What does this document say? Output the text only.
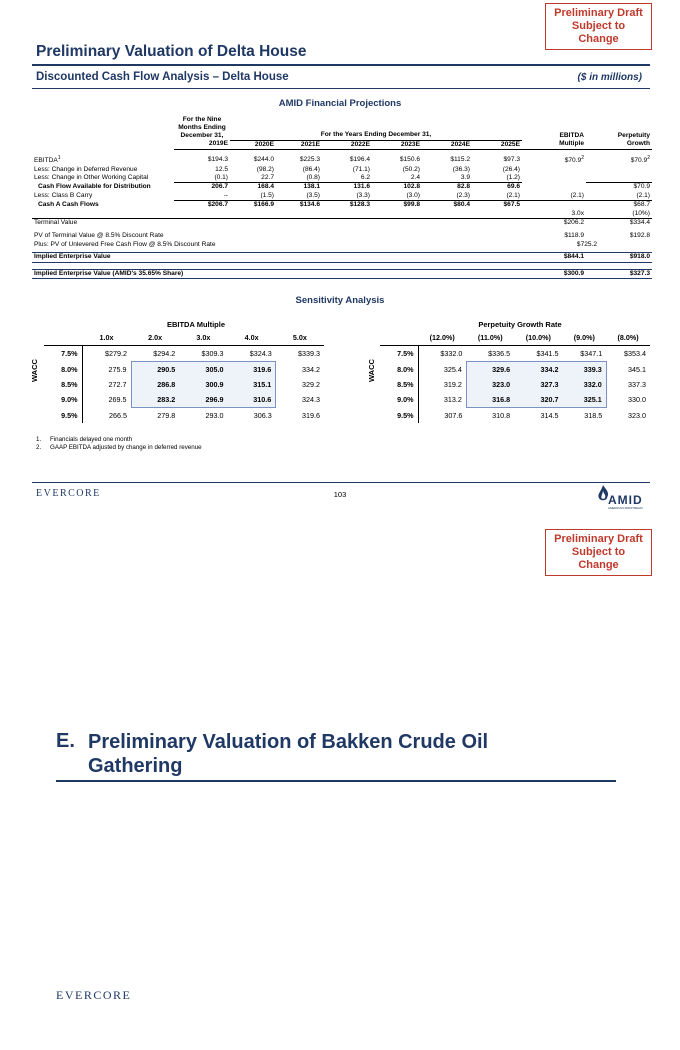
Preliminary Draft
Subject to Change
Preliminary Valuation of Delta House
Discounted Cash Flow Analysis – Delta House	($ in millions)
AMID Financial Projections

	For the Nine
Months Ending
December 31,	For the Years Ending December 31,						EBITDA	Perpetuity
	2019E	2020E	2021E	2022E	2023E	2024E	2025E	Multiple	Growth

EBITDA$^1$	$194.3	$244.0	$225.3	$196.4	$150.6	$115.2	$97.3	$70.9$^2$	$70.9$^2$
Less: Change in Deferred Revenue	12.5	(98.2)	(86.4)	(71.1)	(50.2)	(36.3)	(26.4)		
Less: Change in Other Working Capital	(0.1)	22.7	(0.8)	6.2	2.4	3.9	(1.2)		
Cash Flow Available for Distribution	206.7	168.4	138.1	131.6	102.8	82.8	69.6		$70.9
Less: Class B Carry	--	(1.5)	(3.5)	(3.3)	(3.0)	(2.3)	(2.1)	(2.1)	(2.1)
Cash A Cash Flows	$206.7	$166.9	$134.6	$128.3	$99.8	$80.4	$67.5		$68.7
								3.0x	(10%)
Terminal Value								$206.2	$334.4

PV of Terminal Value @ 8.5% Discount Rate								$118.9	$192.8
Plus: PV of Unlevered Free Cash Flow @ 8.5% Discount Rate								$725.2	

Implied Enterprise Value								$844.1	$918.0

Implied Enterprise Value (AMID's 35.65% Share)								$300.9	$327.3
Sensitivity Analysis
EBITDA Multiple
WACC
	1.0x	2.0x	3.0x	4.0x	5.0x
7.5%	$279.2	$294.2	$309.3	$324.3	$339.3
8.0%	275.9	290.5	305.0	319.6	334.2
8.5%	272.7	286.8	300.9	315.1	329.2
9.0%	269.5	283.2	296.9	310.6	324.3
9.5%	266.5	279.8	293.0	306.3	319.6
Perpetuity Growth Rate
WACC
	(12.0%)	(11.0%)	(10.0%)	(9.0%)	(8.0%)
7.5%	$332.0	$336.5	$341.5	$347.1	$353.4
8.0%	325.4	329.6	334.2	339.3	345.1
8.5%	319.2	323.0	327.3	332.0	337.3
9.0%	313.2	316.8	320.7	325.1	330.0
9.5%	307.6	310.8	314.5	318.5	323.0
1. Financials delayed one month
2. GAAP EBITDA adjusted by change in deferred revenue
EVERCORE	103	AMID
AMERICAN MIDSTREAM
Preliminary Draft
Subject to Change
E. Preliminary Valuation of Bakken Crude Oil
Gathering
EVERCORE
